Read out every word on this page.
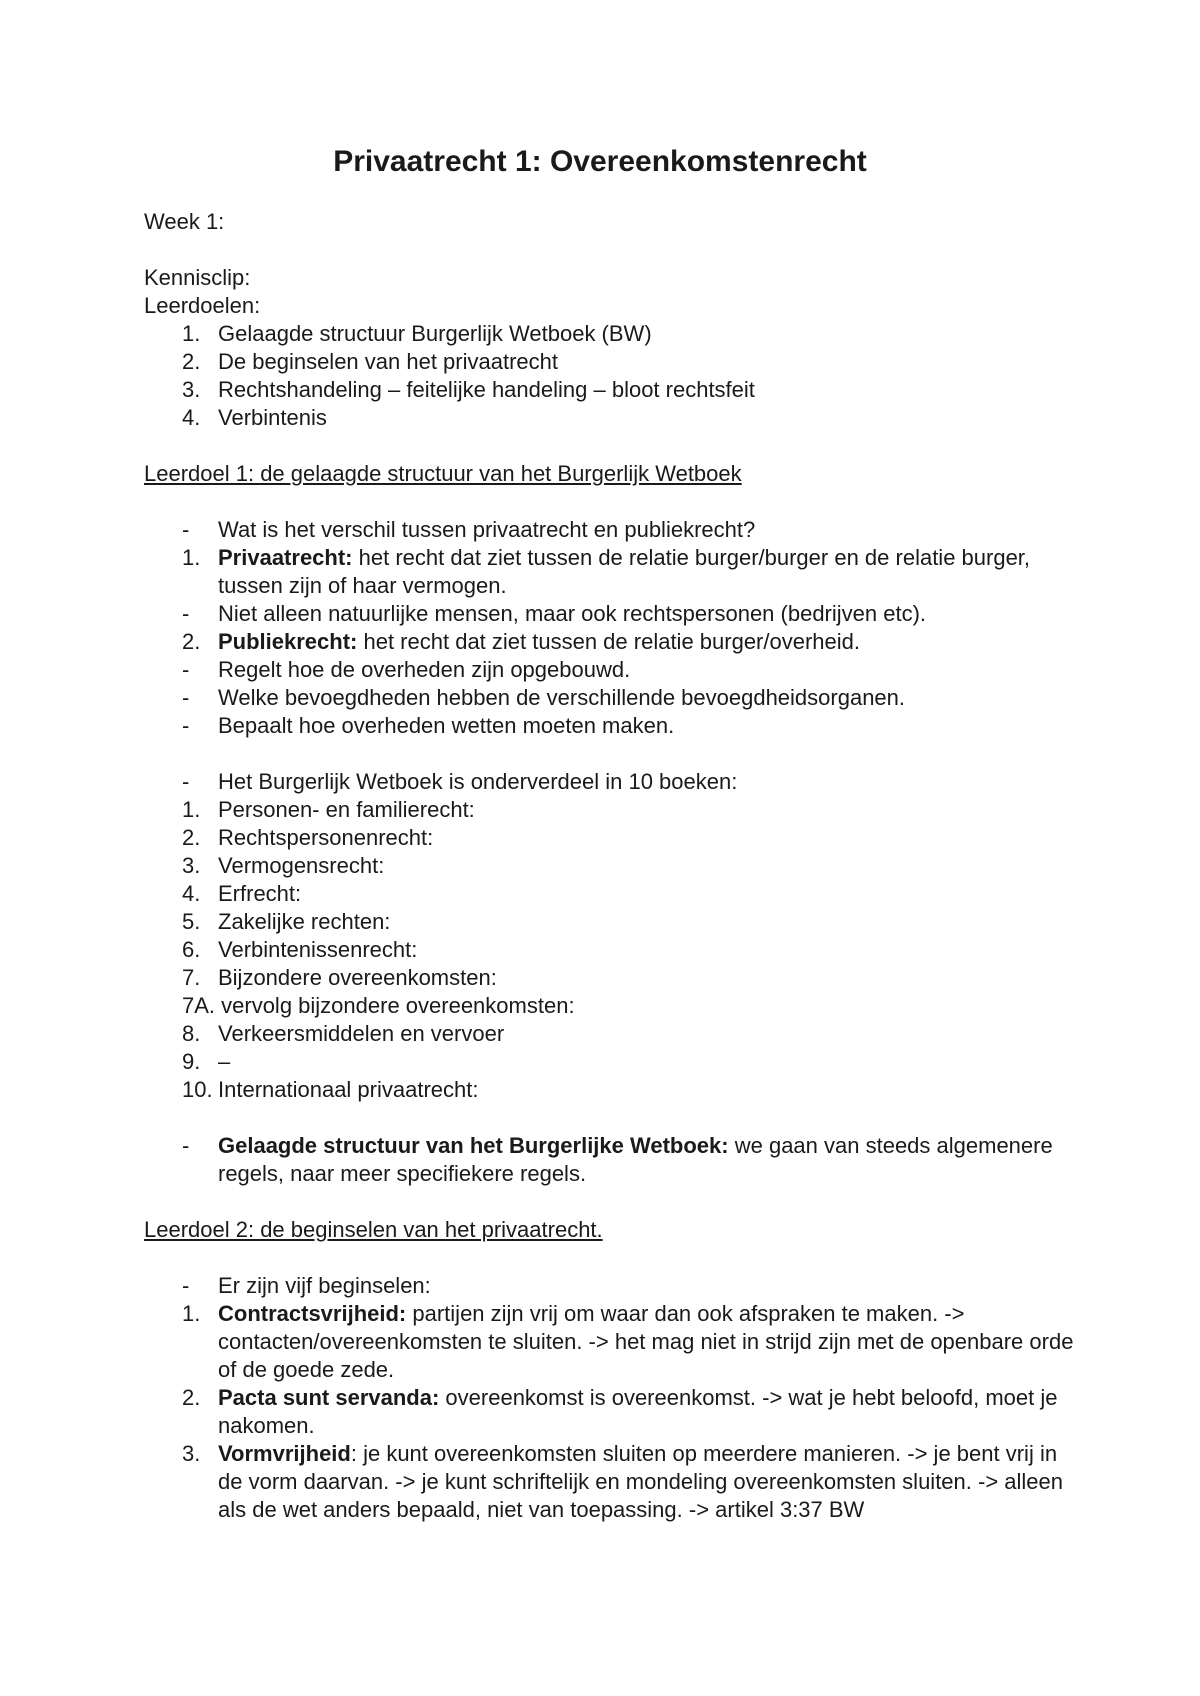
Privaatrecht 1: Overeenkomstenrecht
Week 1:
Kennisclip:
Leerdoelen:
1. Gelaagde structuur Burgerlijk Wetboek (BW)
2. De beginselen van het privaatrecht
3. Rechtshandeling – feitelijke handeling – bloot rechtsfeit
4. Verbintenis
Leerdoel 1: de gelaagde structuur van het Burgerlijk Wetboek
-	Wat is het verschil tussen privaatrecht en publiekrecht?
1. Privaatrecht: het recht dat ziet tussen de relatie burger/burger en de relatie burger, tussen zijn of haar vermogen.
-	Niet alleen natuurlijke mensen, maar ook rechtspersonen (bedrijven etc).
2. Publiekrecht: het recht dat ziet tussen de relatie burger/overheid.
-	Regelt hoe de overheden zijn opgebouwd.
-	Welke bevoegdheden hebben de verschillende bevoegdheidsorganen.
-	Bepaalt hoe overheden wetten moeten maken.
-	Het Burgerlijk Wetboek is onderverdeel in 10 boeken:
1. Personen- en familierecht:
2. Rechtspersonenrecht:
3. Vermogensrecht:
4. Erfrecht:
5. Zakelijke rechten:
6. Verbintenissenrecht:
7. Bijzondere overeenkomsten:
7A. vervolg bijzondere overeenkomsten:
8. Verkeersmiddelen en vervoer
9. –
10. Internationaal privaatrecht:
-	Gelaagde structuur van het Burgerlijke Wetboek: we gaan van steeds algemenere regels, naar meer specifiekere regels.
Leerdoel 2: de beginselen van het privaatrecht.
-	Er zijn vijf beginselen:
1. Contractsvrijheid: partijen zijn vrij om waar dan ook afspraken te maken. -> contacten/overeenkomsten te sluiten. -> het mag niet in strijd zijn met de openbare orde of de goede zede.
2. Pacta sunt servanda: overeenkomst is overeenkomst. -> wat je hebt beloofd, moet je nakomen.
3. Vormvrijheid: je kunt overeenkomsten sluiten op meerdere manieren. -> je bent vrij in de vorm daarvan. -> je kunt schriftelijk en mondeling overeenkomsten sluiten. -> alleen als de wet anders bepaald, niet van toepassing. -> artikel 3:37 BW
